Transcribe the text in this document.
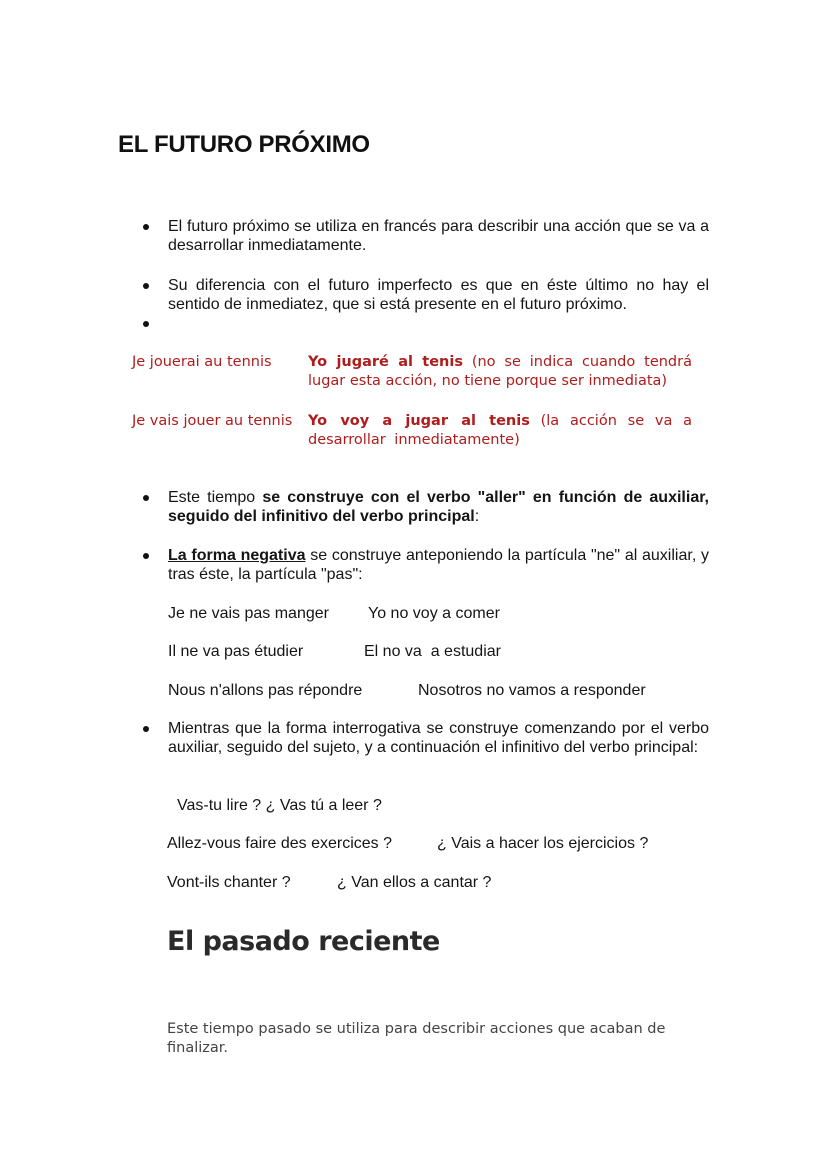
EL FUTURO PRÓXIMO
El futuro próximo se utiliza en francés para describir una acción que se va a desarrollar inmediatamente.
Su diferencia con el futuro imperfecto es que en éste último no hay el sentido de inmediatez, que si está presente en el futuro próximo.
Je jouerai au tennis	Yo jugaré al tenis (no se indica cuando tendrá lugar esta acción, no tiene porque ser inmediata)
Je vais jouer au tennis Yo voy a jugar al tenis (la acción se va a desarrollar inmediatamente)
Este tiempo se construye con el verbo "aller" en función de auxiliar, seguido del infinitivo del verbo principal:
La forma negativa se construye anteponiendo la partícula "ne" al auxiliar, y tras éste, la partícula "pas":
Je ne vais pas manger Yo no voy a comer
Il ne va pas étudier	El no va  a estudiar
Nous n'allons pas répondre	Nosotros no vamos a responder
Mientras que la forma interrogativa se construye comenzando por el verbo auxiliar, seguido del sujeto, y a continuación el infinitivo del verbo principal:
Vas-tu lire ? ¿ Vas tú a leer ?
Allez-vous faire des exercices ?	¿ Vais a hacer los ejercicios ?
Vont-ils chanter ?	¿ Van ellos a cantar ?
El pasado reciente
Este tiempo pasado se utiliza para describir acciones que acaban de finalizar.
